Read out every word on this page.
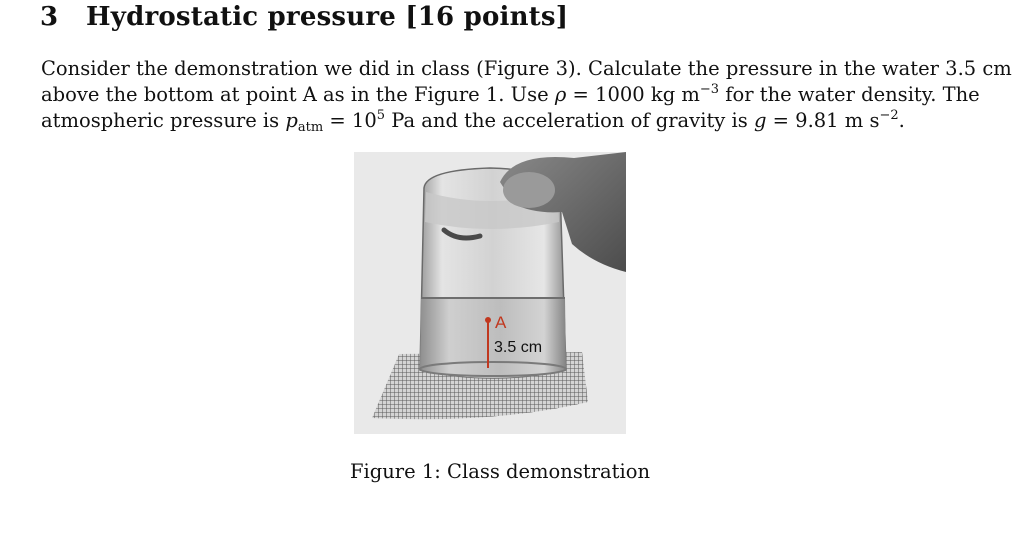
3 Hydrostatic pressure [16 points]
Consider the demonstration we did in class (Figure 3). Calculate the pressure in the water 3.5 cm
above the bottom at point A as in the Figure 1. Use ρ = 1000 kg $m^{-3}$ for the water density. The
atmospheric pressure is $p_{atm} = 10^5$ Pa and the acceleration of gravity is g = 9.81 m $s^{-2}$.
A
3.5 cm
Figure 1: Class demonstration
